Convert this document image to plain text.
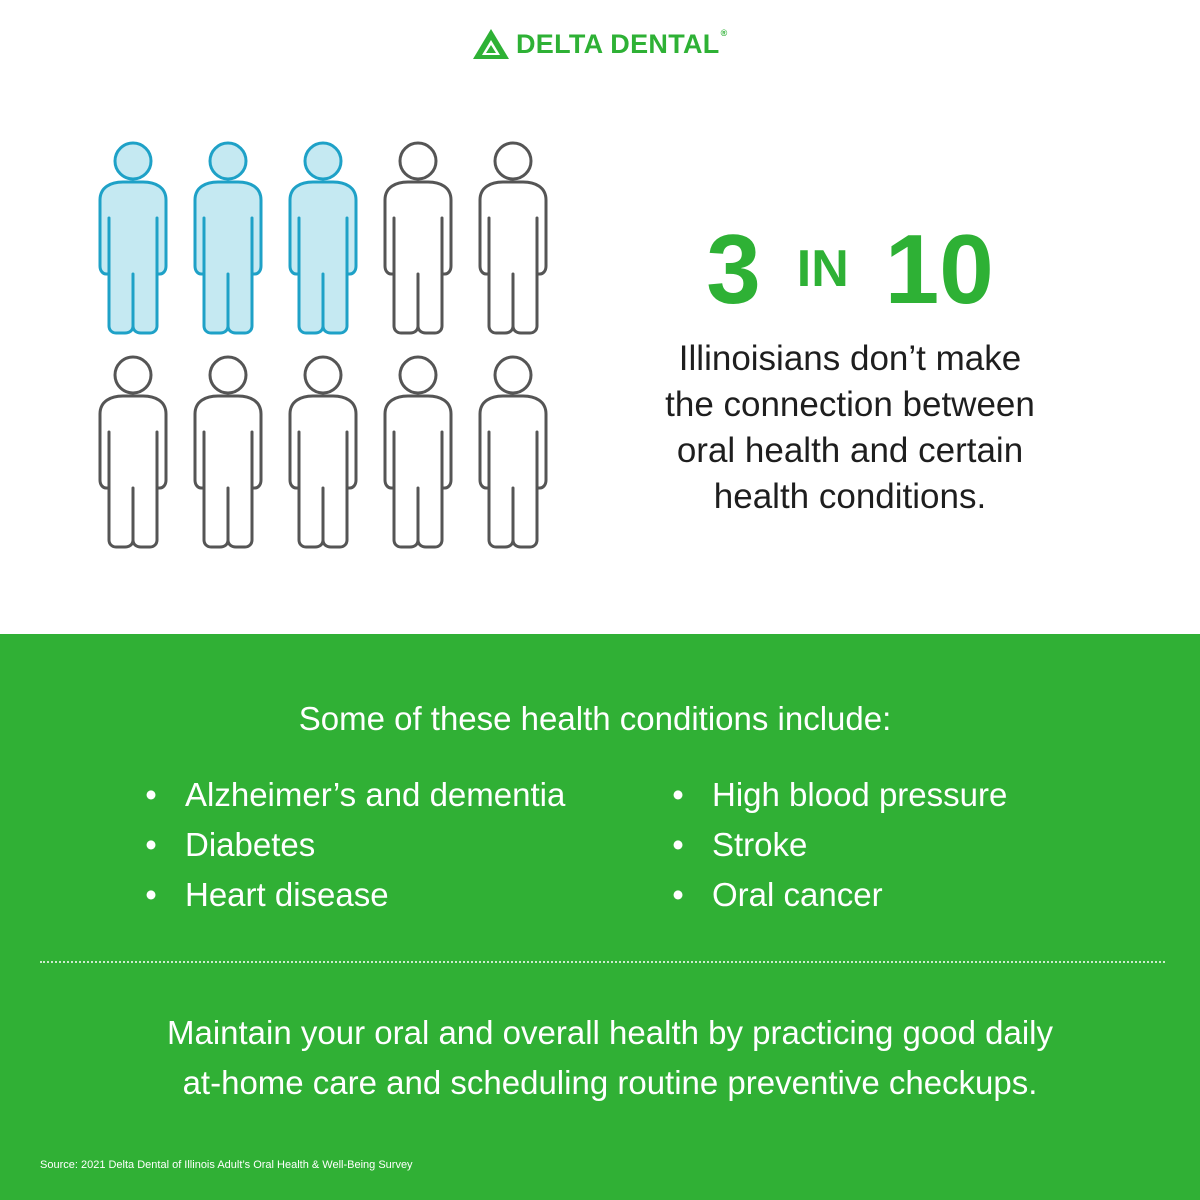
DELTA DENTAL®
3 IN 10
Illinoisians don’t make
the connection between
oral health and certain
health conditions.
Some of these health conditions include:
• Alzheimer’s and dementia
• Diabetes
• Heart disease
• High blood pressure
• Stroke
• Oral cancer
Maintain your oral and overall health by practicing good daily
at-home care and scheduling routine preventive checkups.
Source: 2021 Delta Dental of Illinois Adult’s Oral Health & Well-Being Survey
